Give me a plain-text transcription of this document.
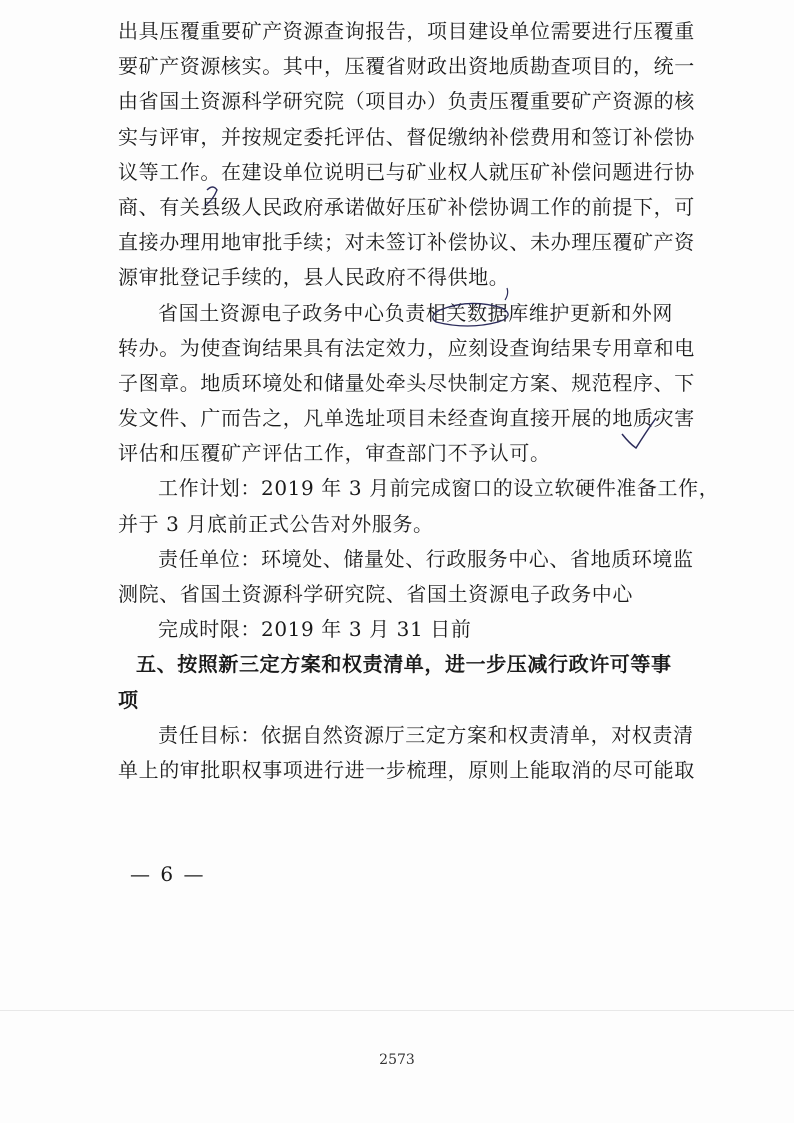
出具压覆重要矿产资源查询报告，项目建设单位需要进行压覆重
要矿产资源核实。其中，压覆省财政出资地质勘查项目的，统一
由省国土资源科学研究院（项目办）负责压覆重要矿产资源的核
实与评审，并按规定委托评估、督促缴纳补偿费用和签订补偿协
议等工作。在建设单位说明已与矿业权人就压矿补偿问题进行协
商、有关县级人民政府承诺做好压矿补偿协调工作的前提下，可
直接办理用地审批手续；对未签订补偿协议、未办理压覆矿产资
源审批登记手续的，县人民政府不得供地。
省国土资源电子政务中心负责相关数据库维护更新和外网
转办。为使查询结果具有法定效力，应刻设查询结果专用章和电
子图章。地质环境处和储量处牵头尽快制定方案、规范程序、下
发文件、广而告之，凡单选址项目未经查询直接开展的地质灾害
评估和压覆矿产评估工作，审查部门不予认可。
工作计划：2019 年 3 月前完成窗口的设立软硬件准备工作，
并于 3 月底前正式公告对外服务。
责任单位：环境处、储量处、行政服务中心、省地质环境监
测院、省国土资源科学研究院、省国土资源电子政务中心
完成时限：2019 年 3 月 31 日前
五、按照新三定方案和权责清单，进一步压减行政许可等事
项
责任目标：依据自然资源厅三定方案和权责清单，对权责清
单上的审批职权事项进行进一步梳理，原则上能取消的尽可能取
— 6 —
2573
